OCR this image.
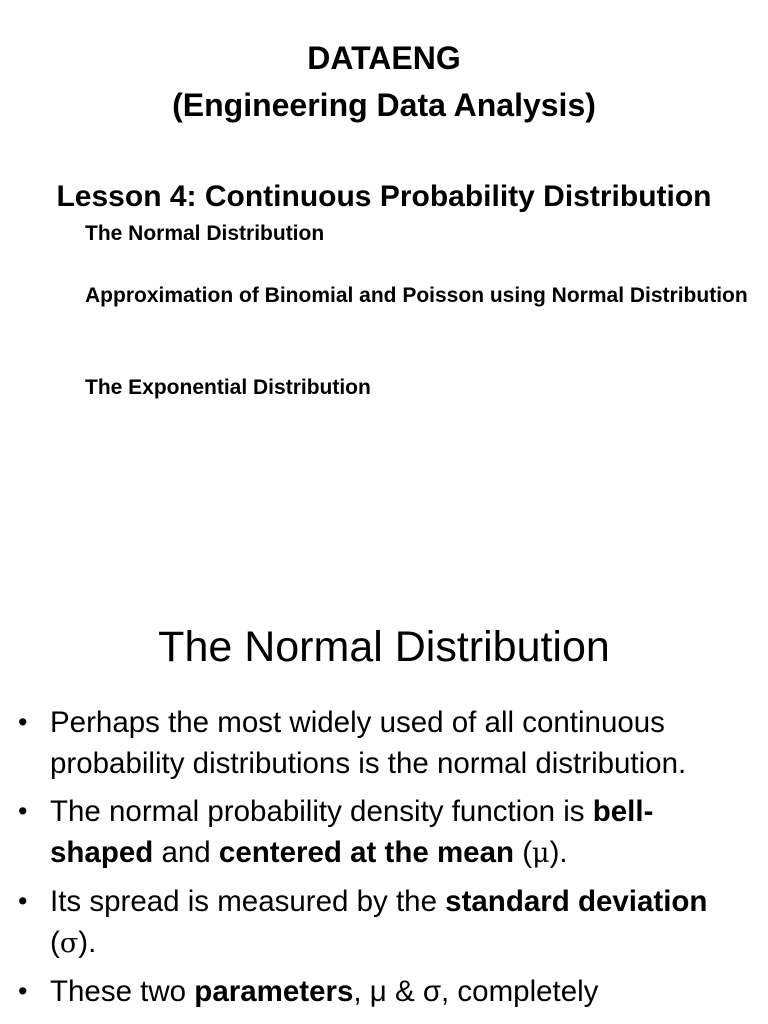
DATAENG
(Engineering Data Analysis)
Lesson 4: Continuous Probability Distribution
The Normal Distribution
Approximation of Binomial and Poisson using Normal Distribution
The Exponential Distribution
The Normal Distribution
• Perhaps the most widely used of all continuous probability distributions is the normal distribution.
• The normal probability density function is bell-shaped and centered at the mean (μ).
• Its spread is measured by the standard deviation (σ).
• These two parameters, μ & σ, completely
